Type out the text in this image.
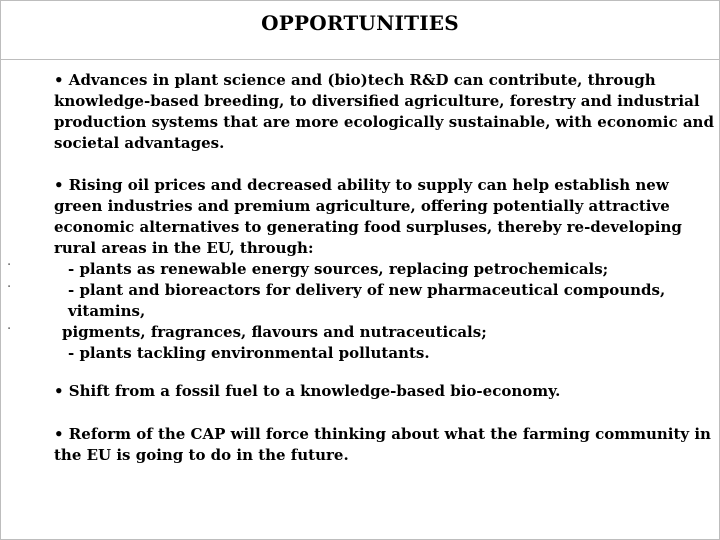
OPPORTUNITIES
.
.
.

• Advances in plant science and (bio)tech R&D can contribute, through knowledge-based breeding, to diversified agriculture, forestry and industrial production systems that are more ecologically sustainable, with economic and societal advantages.

• Rising oil prices and decreased ability to supply can help establish new green industries and premium agriculture, offering potentially attractive economic alternatives to generating food surpluses, thereby re-developing rural areas in the EU, through:
- plants as renewable energy sources, replacing petrochemicals;
- plant and bioreactors for delivery of new pharmaceutical compounds, vitamins,
pigments, fragrances, flavours and nutraceuticals;
- plants tackling environmental pollutants.

• Shift from a fossil fuel to a knowledge-based bio-economy.

• Reform of the CAP will force thinking about what the farming community in the EU is going to do in the future.
